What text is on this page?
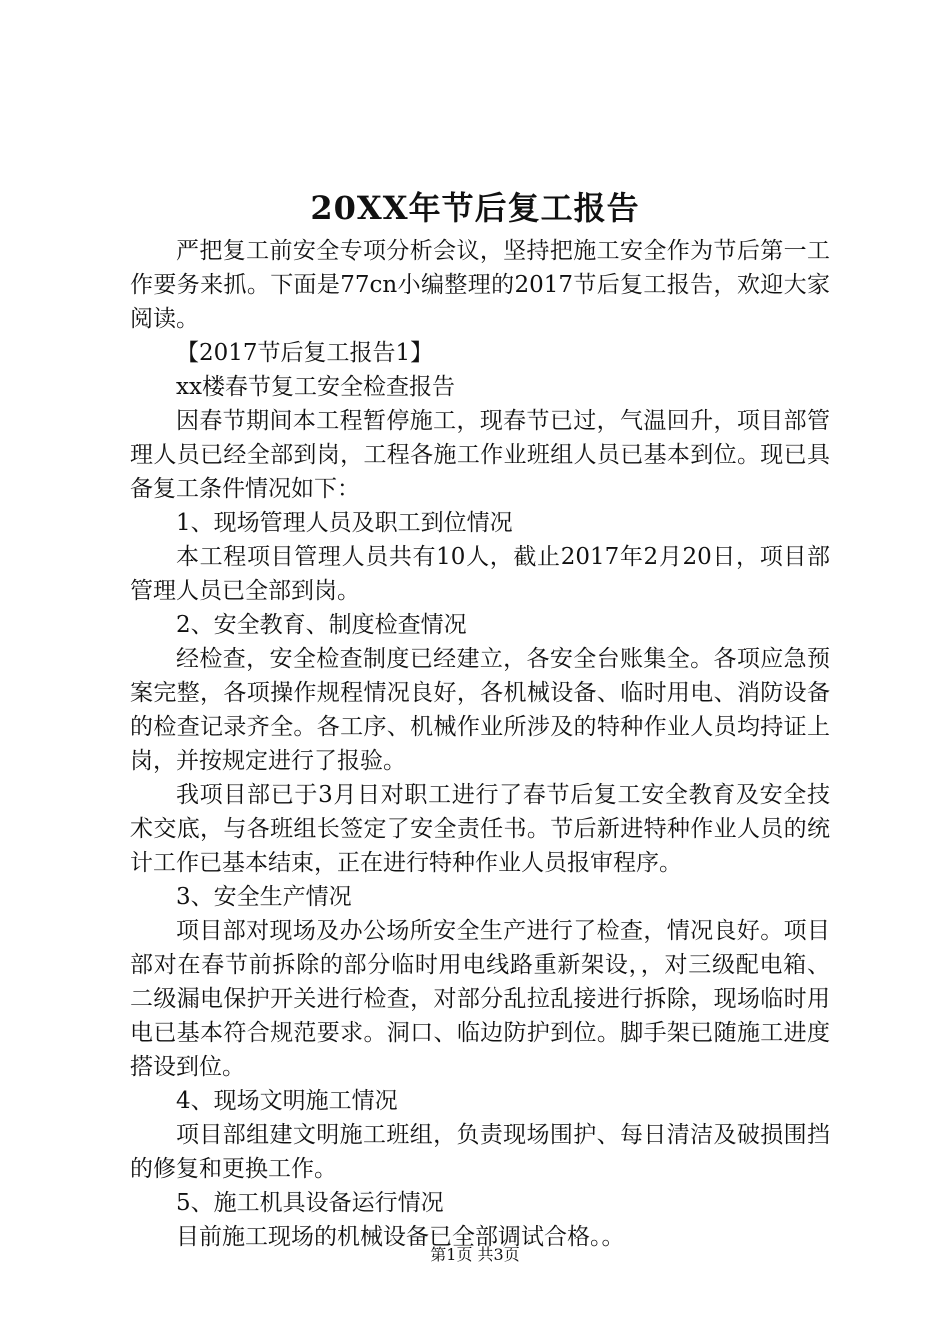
20XX年节后复工报告

严把复工前安全专项分析会议，坚持把施工安全作为节后第一工作要务来抓。下面是77cn小编整理的2017节后复工报告，欢迎大家阅读。

【2017节后复工报告1】

xx楼春节复工安全检查报告

因春节期间本工程暂停施工，现春节已过，气温回升，项目部管理人员已经全部到岗，工程各施工作业班组人员已基本到位。现已具备复工条件情况如下：

1、现场管理人员及职工到位情况

本工程项目管理人员共有10人，截止2017年2月20日，项目部管理人员已全部到岗。

2、安全教育、制度检查情况

经检查，安全检查制度已经建立，各安全台账集全。各项应急预案完整，各项操作规程情况良好，各机械设备、临时用电、消防设备的检查记录齐全。各工序、机械作业所涉及的特种作业人员均持证上岗，并按规定进行了报验。

我项目部已于3月日对职工进行了春节后复工安全教育及安全技术交底，与各班组长签定了安全责任书。节后新进特种作业人员的统计工作已基本结束，正在进行特种作业人员报审程序。

3、安全生产情况

项目部对现场及办公场所安全生产进行了检查，情况良好。项目部对在春节前拆除的部分临时用电线路重新架设，，对三级配电箱、二级漏电保护开关进行检查，对部分乱拉乱接进行拆除，现场临时用电已基本符合规范要求。洞口、临边防护到位。脚手架已随施工进度搭设到位。

4、现场文明施工情况

项目部组建文明施工班组，负责现场围护、每日清洁及破损围挡的修复和更换工作。

5、施工机具设备运行情况

目前施工现场的机械设备已全部调试合格。。

第1页 共3页
